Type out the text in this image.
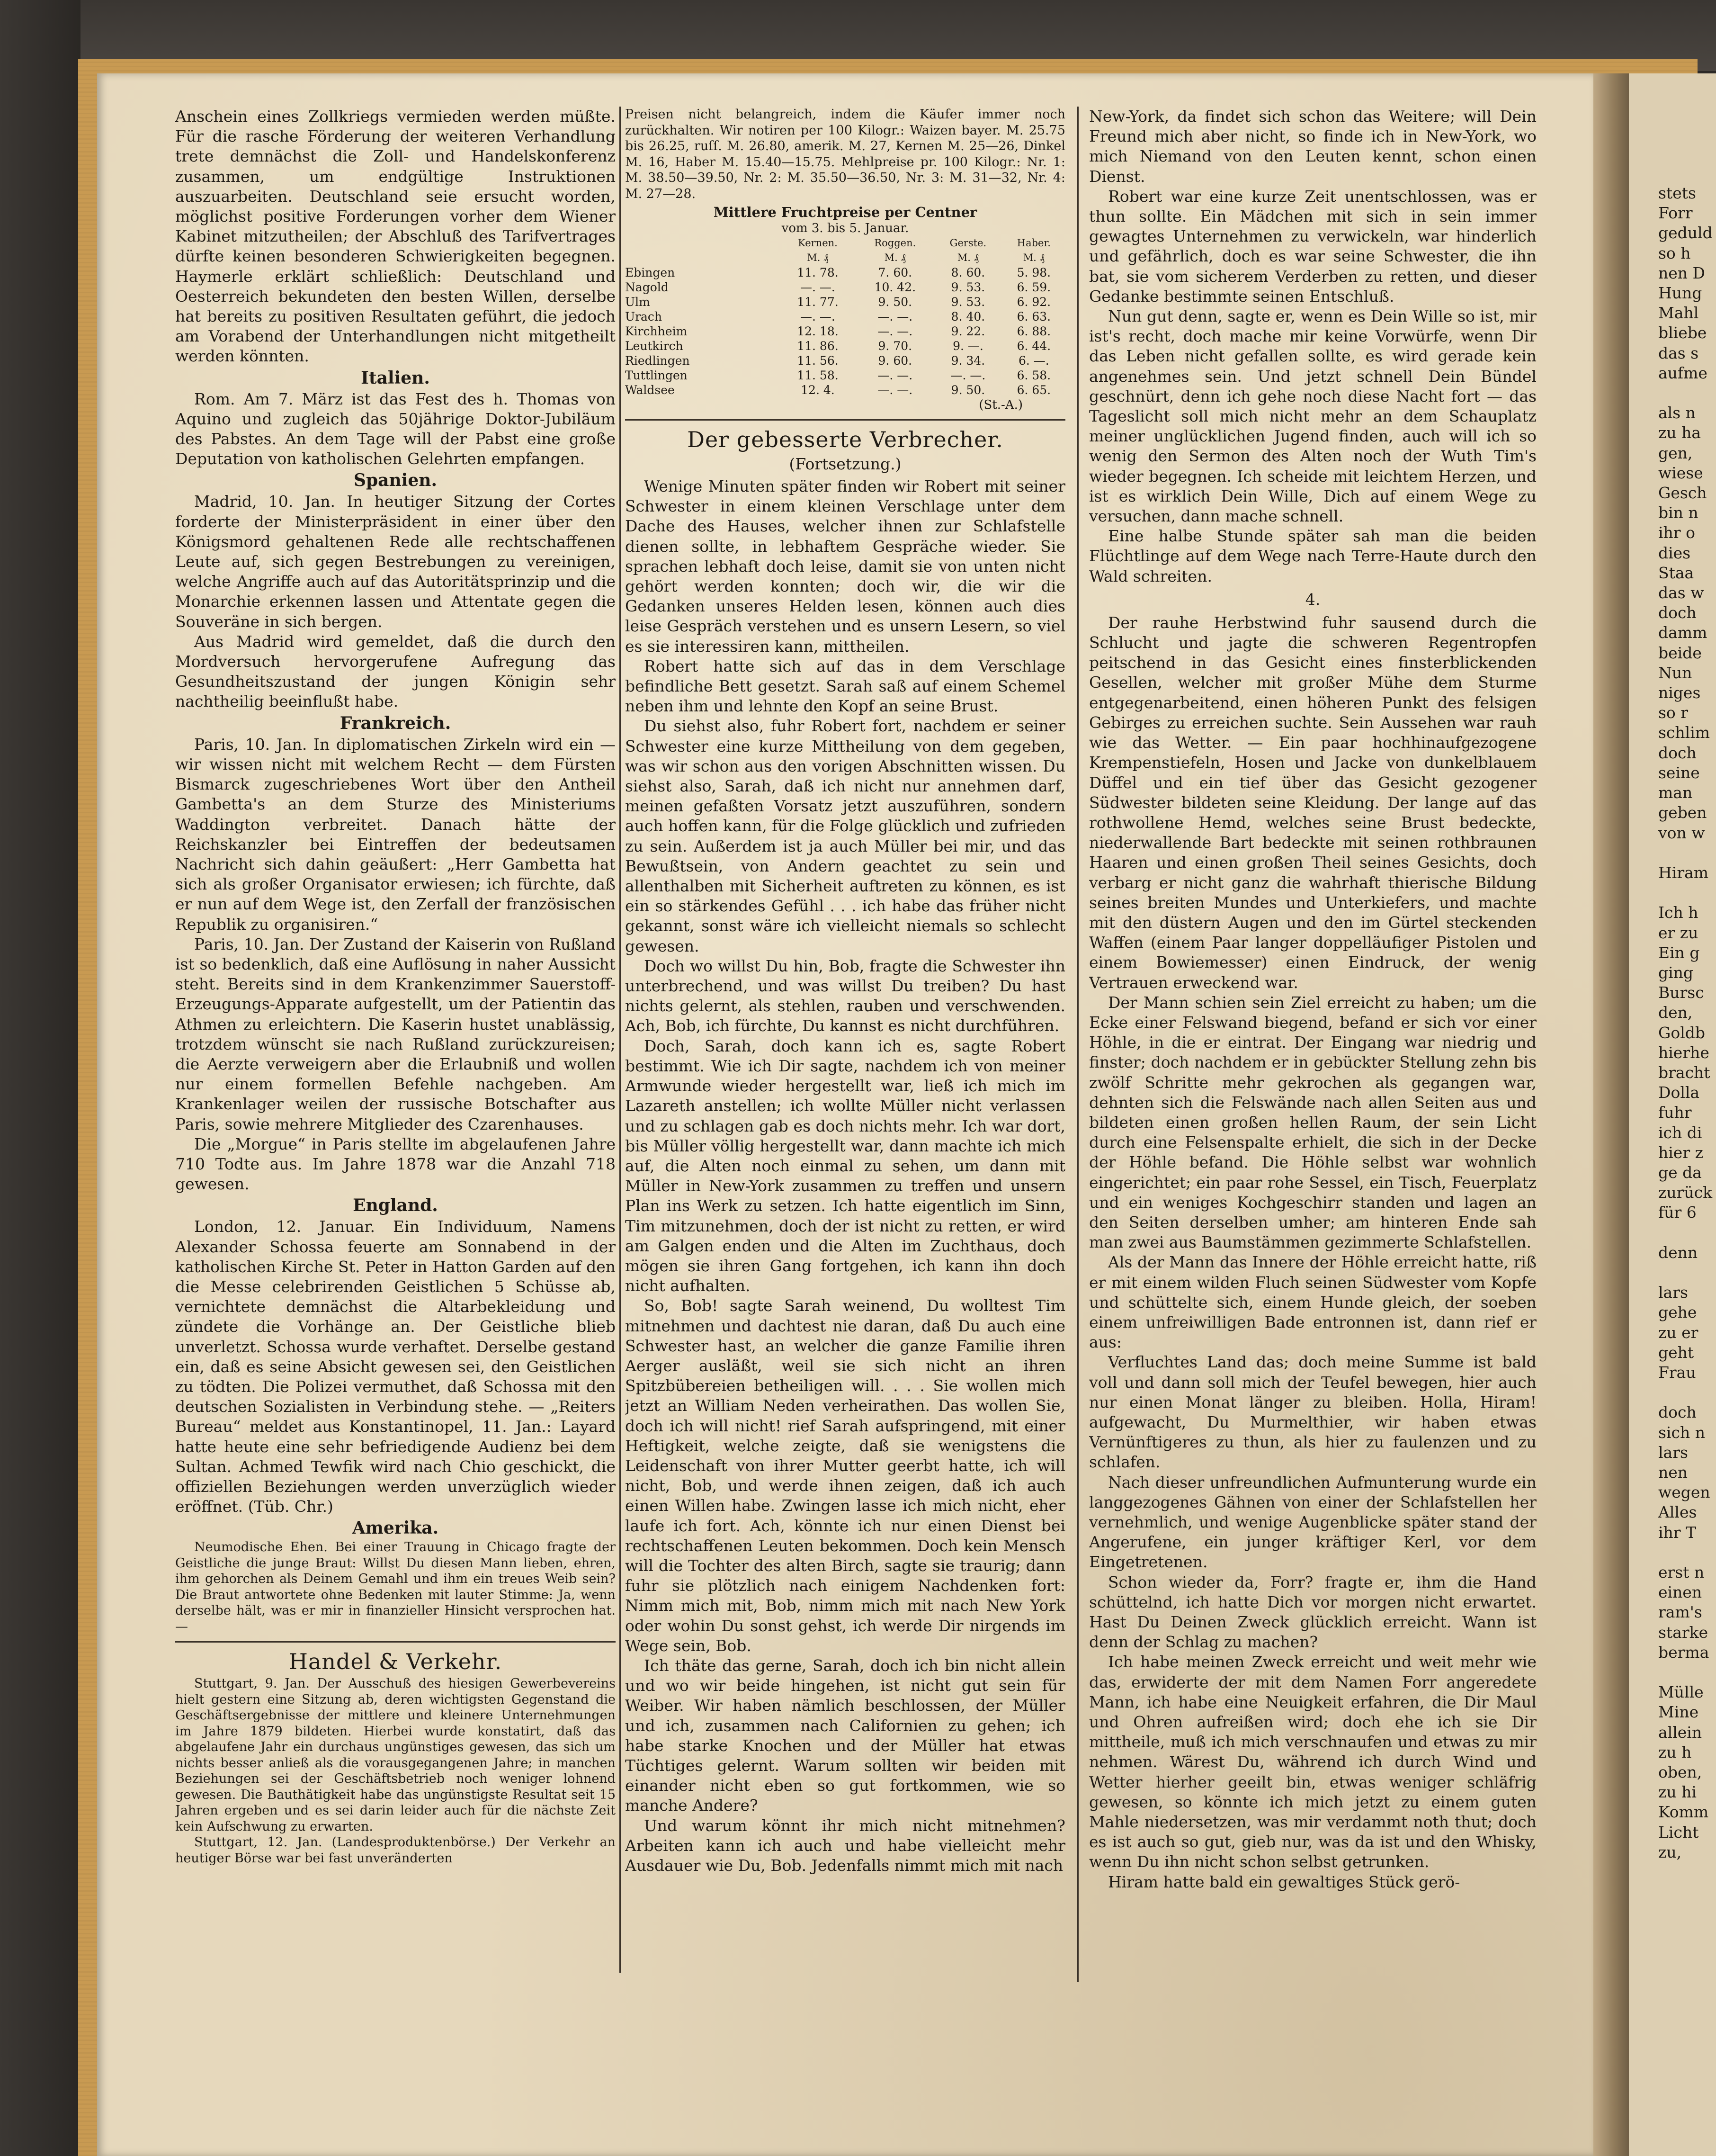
stets
Forr
geduld
so h
nen D
Hung
Mahl
bliebe
das s
aufme

als n
zu ha
gen,
wiese
Gesch
bin n
ihr o
dies
Staa
das w
doch
damm
beide
Nun
niges
so r
schlim
doch
seine
man
geben
von w

Hiram

Ich h
er zu
Ein g
ging
Bursc
den,
Goldb
hierhe
bracht
Dolla
fuhr
ich di
hier z
ge da
zurück
für 6

denn

lars
gehe
zu er
geht
Frau

doch
sich n
lars
nen
wegen
Alles
ihr T

erst n
einen
ram's
starke
berma

Mülle
Mine
allein
zu h
oben,
zu hi
Komm
Licht
zu,

Anschein eines Zollkriegs vermieden werden müßte. Für die rasche Förderung der weiteren Verhandlung trete demnächst die Zoll- und Handelskonferenz zusammen, um endgültige Instruktionen auszuarbeiten. Deutschland seie ersucht worden, möglichst positive Forderungen vorher dem Wiener Kabinet mitzutheilen; der Abschluß des Tarifvertrages dürfte keinen besonderen Schwierigkeiten begegnen. Haymerle erklärt schließlich: Deutschland und Oesterreich bekundeten den besten Willen, derselbe hat bereits zu positiven Resultaten geführt, die jedoch am Vorabend der Unterhandlungen nicht mitgetheilt werden könnten.

Italien.

Rom. Am 7. März ist das Fest des h. Thomas von Aquino und zugleich das 50jährige Doktor-Jubiläum des Pabstes. An dem Tage will der Pabst eine große Deputation von katholischen Gelehrten empfangen.

Spanien.

Madrid, 10. Jan. In heutiger Sitzung der Cortes forderte der Ministerpräsident in einer über den Königsmord gehaltenen Rede alle rechtschaffenen Leute auf, sich gegen Bestrebungen zu vereinigen, welche Angriffe auch auf das Autoritätsprinzip und die Monarchie erkennen lassen und Attentate gegen die Souveräne in sich bergen.

Aus Madrid wird gemeldet, daß die durch den Mordversuch hervorgerufene Aufregung das Gesundheitszustand der jungen Königin sehr nachtheilig beeinflußt habe.

Frankreich.

Paris, 10. Jan. In diplomatischen Zirkeln wird ein — wir wissen nicht mit welchem Recht — dem Fürsten Bismarck zugeschriebenes Wort über den Antheil Gambetta's an dem Sturze des Ministeriums Waddington verbreitet. Danach hätte der Reichskanzler bei Eintreffen der bedeutsamen Nachricht sich dahin geäußert: „Herr Gambetta hat sich als großer Organisator erwiesen; ich fürchte, daß er nun auf dem Wege ist, den Zerfall der französischen Republik zu organisiren.“

Paris, 10. Jan. Der Zustand der Kaiserin von Rußland ist so bedenklich, daß eine Auflösung in naher Aussicht steht. Bereits sind in dem Krankenzimmer Sauerstoff-Erzeugungs-Apparate aufgestellt, um der Patientin das Athmen zu erleichtern. Die Kaserin hustet unablässig, trotzdem wünscht sie nach Rußland zurückzureisen; die Aerzte verweigern aber die Erlaubniß und wollen nur einem formellen Befehle nachgeben. Am Krankenlager weilen der russische Botschafter aus Paris, sowie mehrere Mitglieder des Czarenhauses.

Die „Morgue“ in Paris stellte im abgelaufenen Jahre 710 Todte aus. Im Jahre 1878 war die Anzahl 718 gewesen.

England.

London, 12. Januar. Ein Individuum, Namens Alexander Schossa feuerte am Sonnabend in der katholischen Kirche St. Peter in Hatton Garden auf den die Messe celebrirenden Geistlichen 5 Schüsse ab, vernichtete demnächst die Altarbekleidung und zündete die Vorhänge an. Der Geistliche blieb unverletzt. Schossa wurde verhaftet. Derselbe gestand ein, daß es seine Absicht gewesen sei, den Geistlichen zu tödten. Die Polizei vermuthet, daß Schossa mit den deutschen Sozialisten in Verbindung stehe. — „Reiters Bureau“ meldet aus Konstantinopel, 11. Jan.: Layard hatte heute eine sehr befriedigende Audienz bei dem Sultan. Achmed Tewfik wird nach Chio geschickt, die offiziellen Beziehungen werden unverzüglich wieder eröffnet. (Tüb. Chr.)

Amerika.

Neumodische Ehen. Bei einer Trauung in Chicago fragte der Geistliche die junge Braut: Willst Du diesen Mann lieben, ehren, ihm gehorchen als Deinem Gemahl und ihm ein treues Weib sein? Die Braut antwortete ohne Bedenken mit lauter Stimme: Ja, wenn derselbe hält, was er mir in finanzieller Hinsicht versprochen hat. —

Handel & Verkehr.

Stuttgart, 9. Jan. Der Ausschuß des hiesigen Gewerbevereins hielt gestern eine Sitzung ab, deren wichtigsten Gegenstand die Geschäftsergebnisse der mittlere und kleinere Unternehmungen im Jahre 1879 bildeten. Hierbei wurde konstatirt, daß das abgelaufene Jahr ein durchaus ungünstiges gewesen, das sich um nichts besser anließ als die vorausgegangenen Jahre; in manchen Beziehungen sei der Geschäftsbetrieb noch weniger lohnend gewesen. Die Bauthätigkeit habe das ungünstigste Resultat seit 15 Jahren ergeben und es sei darin leider auch für die nächste Zeit kein Aufschwung zu erwarten.

Stuttgart, 12. Jan. (Landesproduktenbörse.) Der Verkehr an heutiger Börse war bei fast unveränderten

Preisen nicht belangreich, indem die Käufer immer noch zurückhalten. Wir notiren per 100 Kilogr.: Waizen bayer. M. 25.75 bis 26.25, ruſſ. M. 26.80, amerik. M. 27, Kernen M. 25—26, Dinkel M. 16, Haber M. 15.40—15.75. Mehlpreise pr. 100 Kilogr.: Nr. 1: M. 38.50—39.50, Nr. 2: M. 35.50—36.50, Nr. 3: M. 31—32, Nr. 4: M. 27—28.

Mittlere Fruchtpreise per Centner
vom 3. bis 5. Januar.
	Kernen.	Roggen.	Gerste.	Haber.
	M. ₰	M. ₰	M. ₰	M. ₰
Ebingen	11. 78.	7. 60.	8. 60.	5. 98.
Nagold	—. —.	10. 42.	9. 53.	6. 59.
Ulm	11. 77.	9. 50.	9. 53.	6. 92.
Urach	—. —.	—. —.	8. 40.	6. 63.
Kirchheim	12. 18.	—. —.	9. 22.	6. 88.
Leutkirch	11. 86.	9. 70.	9. —.	6. 44.
Riedlingen	11. 56.	9. 60.	9. 34.	6. —.
Tuttlingen	11. 58.	—. —.	—. —.	6. 58.
Waldsee	12. 4.	—. —.	9. 50.	6. 65.
(St.-A.)
Der gebesserte Verbrecher.
(Fortsetzung.)

Wenige Minuten später finden wir Robert mit seiner Schwester in einem kleinen Verschlage unter dem Dache des Hauses, welcher ihnen zur Schlafstelle dienen sollte, in lebhaftem Gespräche wieder. Sie sprachen lebhaft doch leise, damit sie von unten nicht gehört werden konnten; doch wir, die wir die Gedanken unseres Helden lesen, können auch dies leise Gespräch verstehen und es unsern Lesern, so viel es sie interessiren kann, mittheilen.

Robert hatte sich auf das in dem Verschlage befindliche Bett gesetzt. Sarah saß auf einem Schemel neben ihm und lehnte den Kopf an seine Brust.

Du siehst also, fuhr Robert fort, nachdem er seiner Schwester eine kurze Mittheilung von dem gegeben, was wir schon aus den vorigen Abschnitten wissen. Du siehst also, Sarah, daß ich nicht nur annehmen darf, meinen gefaßten Vorsatz jetzt auszuführen, sondern auch hoffen kann, für die Folge glücklich und zufrieden zu sein. Außerdem ist ja auch Müller bei mir, und das Bewußtsein, von Andern geachtet zu sein und allenthalben mit Sicherheit auftreten zu können, es ist ein so stärkendes Gefühl . . . ich habe das früher nicht gekannt, sonst wäre ich vielleicht niemals so schlecht gewesen.

Doch wo willst Du hin, Bob, fragte die Schwester ihn unterbrechend, und was willst Du treiben? Du hast nichts gelernt, als stehlen, rauben und verschwenden. Ach, Bob, ich fürchte, Du kannst es nicht durchführen.

Doch, Sarah, doch kann ich es, sagte Robert bestimmt. Wie ich Dir sagte, nachdem ich von meiner Armwunde wieder hergestellt war, ließ ich mich im Lazareth anstellen; ich wollte Müller nicht verlassen und zu schlagen gab es doch nichts mehr. Ich war dort, bis Müller völlig hergestellt war, dann machte ich mich auf, die Alten noch einmal zu sehen, um dann mit Müller in New-York zusammen zu treffen und unsern Plan ins Werk zu setzen. Ich hatte eigentlich im Sinn, Tim mitzunehmen, doch der ist nicht zu retten, er wird am Galgen enden und die Alten im Zuchthaus, doch mögen sie ihren Gang fortgehen, ich kann ihn doch nicht aufhalten.

So, Bob! sagte Sarah weinend, Du wolltest Tim mitnehmen und dachtest nie daran, daß Du auch eine Schwester hast, an welcher die ganze Familie ihren Aerger ausläßt, weil sie sich nicht an ihren Spitzbübereien betheiligen will. . . . Sie wollen mich jetzt an William Neden verheirathen. Das wollen Sie, doch ich will nicht! rief Sarah aufspringend, mit einer Heftigkeit, welche zeigte, daß sie wenigstens die Leidenschaft von ihrer Mutter geerbt hatte, ich will nicht, Bob, und werde ihnen zeigen, daß ich auch einen Willen habe. Zwingen lasse ich mich nicht, eher laufe ich fort. Ach, könnte ich nur einen Dienst bei rechtschaffenen Leuten bekommen. Doch kein Mensch will die Tochter des alten Birch, sagte sie traurig; dann fuhr sie plötzlich nach einigem Nachdenken fort: Nimm mich mit, Bob, nimm mich mit nach New York oder wohin Du sonst gehst, ich werde Dir nirgends im Wege sein, Bob.

Ich thäte das gerne, Sarah, doch ich bin nicht allein und wo wir beide hingehen, ist nicht gut sein für Weiber. Wir haben nämlich beschlossen, der Müller und ich, zusammen nach Californien zu gehen; ich habe starke Knochen und der Müller hat etwas Tüchtiges gelernt. Warum sollten wir beiden mit einander nicht eben so gut fortkommen, wie so manche Andere?

Und warum könnt ihr mich nicht mitnehmen? Arbeiten kann ich auch und habe vielleicht mehr Ausdauer wie Du, Bob. Jedenfalls nimmt mich mit nach

New-York, da findet sich schon das Weitere; will Dein Freund mich aber nicht, so finde ich in New-York, wo mich Niemand von den Leuten kennt, schon einen Dienst.

Robert war eine kurze Zeit unentschlossen, was er thun sollte. Ein Mädchen mit sich in sein immer gewagtes Unternehmen zu verwickeln, war hinderlich und gefährlich, doch es war seine Schwester, die ihn bat, sie vom sicherem Verderben zu retten, und dieser Gedanke bestimmte seinen Entschluß.

Nun gut denn, sagte er, wenn es Dein Wille so ist, mir ist's recht, doch mache mir keine Vorwürfe, wenn Dir das Leben nicht gefallen sollte, es wird gerade kein angenehmes sein. Und jetzt schnell Dein Bündel geschnürt, denn ich gehe noch diese Nacht fort — das Tageslicht soll mich nicht mehr an dem Schauplatz meiner unglücklichen Jugend finden, auch will ich so wenig den Sermon des Alten noch der Wuth Tim's wieder begegnen. Ich scheide mit leichtem Herzen, und ist es wirklich Dein Wille, Dich auf einem Wege zu versuchen, dann mache schnell.

Eine halbe Stunde später sah man die beiden Flüchtlinge auf dem Wege nach Terre-Haute durch den Wald schreiten.

4.

Der rauhe Herbstwind fuhr sausend durch die Schlucht und jagte die schweren Regentropfen peitschend in das Gesicht eines finsterblickenden Gesellen, welcher mit großer Mühe dem Sturme entgegenarbeitend, einen höheren Punkt des felsigen Gebirges zu erreichen suchte. Sein Aussehen war rauh wie das Wetter. — Ein paar hochhinaufgezogene Krempenstiefeln, Hosen und Jacke von dunkelblauem Düffel und ein tief über das Gesicht gezogener Südwester bildeten seine Kleidung. Der lange auf das rothwollene Hemd, welches seine Brust bedeckte, niederwallende Bart bedeckte mit seinen rothbraunen Haaren und einen großen Theil seines Gesichts, doch verbarg er nicht ganz die wahrhaft thierische Bildung seines breiten Mundes und Unterkiefers, und machte mit den düstern Augen und den im Gürtel steckenden Waffen (einem Paar langer doppelläufiger Pistolen und einem Bowiemesser) einen Eindruck, der wenig Vertrauen erweckend war.

Der Mann schien sein Ziel erreicht zu haben; um die Ecke einer Felswand biegend, befand er sich vor einer Höhle, in die er eintrat. Der Eingang war niedrig und finster; doch nachdem er in gebückter Stellung zehn bis zwölf Schritte mehr gekrochen als gegangen war, dehnten sich die Felswände nach allen Seiten aus und bildeten einen großen hellen Raum, der sein Licht durch eine Felsenspalte erhielt, die sich in der Decke der Höhle befand. Die Höhle selbst war wohnlich eingerichtet; ein paar rohe Sessel, ein Tisch, Feuerplatz und ein weniges Kochgeschirr standen und lagen an den Seiten derselben umher; am hinteren Ende sah man zwei aus Baumstämmen gezimmerte Schlafstellen.

Als der Mann das Innere der Höhle erreicht hatte, riß er mit einem wilden Fluch seinen Südwester vom Kopfe und schüttelte sich, einem Hunde gleich, der soeben einem unfreiwilligen Bade entronnen ist, dann rief er aus:

Verfluchtes Land das; doch meine Summe ist bald voll und dann soll mich der Teufel bewegen, hier auch nur einen Monat länger zu bleiben. Holla, Hiram! aufgewacht, Du Murmelthier, wir haben etwas Vernünftigeres zu thun, als hier zu faulenzen und zu schlafen.

Nach dieser unfreundlichen Aufmunterung wurde ein langgezogenes Gähnen von einer der Schlafstellen her vernehmlich, und wenige Augenblicke später stand der Angerufene, ein junger kräftiger Kerl, vor dem Eingetretenen.

Schon wieder da, Forr? fragte er, ihm die Hand schüttelnd, ich hatte Dich vor morgen nicht erwartet. Hast Du Deinen Zweck glücklich erreicht. Wann ist denn der Schlag zu machen?

Ich habe meinen Zweck erreicht und weit mehr wie das, erwiderte der mit dem Namen Forr angeredete Mann, ich habe eine Neuigkeit erfahren, die Dir Maul und Ohren aufreißen wird; doch ehe ich sie Dir mittheile, muß ich mich verschnaufen und etwas zu mir nehmen. Wärest Du, während ich durch Wind und Wetter hierher geeilt bin, etwas weniger schläfrig gewesen, so könnte ich mich jetzt zu einem guten Mahle niedersetzen, was mir verdammt noth thut; doch es ist auch so gut, gieb nur, was da ist und den Whisky, wenn Du ihn nicht schon selbst getrunken.

Hiram hatte bald ein gewaltiges Stück gerö-
